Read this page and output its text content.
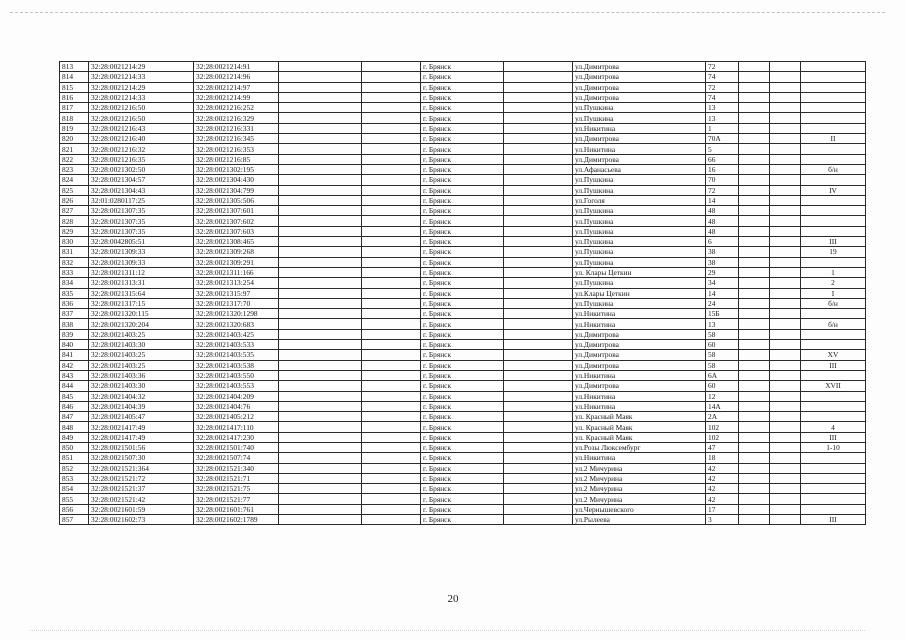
813	32:28:0021214:29	32:28:0021214:91			г. Брянск		ул.Димитрова	72			
814	32:28:0021214:33	32:28:0021214:96			г. Брянск		ул.Димитрова	74			
815	32:28:0021214:29	32:28:0021214:97			г. Брянск		ул.Димитрова	72			
816	32:28:0021214:33	32:28:0021214:99			г. Брянск		ул.Димитрова	74			
817	32:28:0021216:50	32:28:0021216:252			г. Брянск		ул.Пушкина	13			
818	32:28:0021216:50	32:28:0021216:329			г. Брянск		ул.Пушкина	13			
819	32:28:0021216:43	32:28:0021216:331			г. Брянск		ул.Никитина	1			
820	32:28:0021216:40	32:28:0021216:345			г. Брянск		ул.Димитрова	70А			II
821	32:28:0021216:32	32:28:0021216:353			г. Брянск		ул.Никитина	5			
822	32:28:0021216:35	32:28:0021216:85			г. Брянск		ул.Димитрова	66			
823	32:28:0021302:50	32:28:0021302:195			г. Брянск		ул.Афанасьева	16			б/н
824	32:28:0021304:57	32:28:0021304:430			г. Брянск		ул.Пушкина	70			
825	32:28:0021304:43	32:28:0021304:799			г. Брянск		ул.Пушкина	72			IV
826	32:01:0280117:25	32:28:0021305:506			г. Брянск		ул.Гоголя	14			
827	32:28:0021307:35	32:28:0021307:601			г. Брянск		ул.Пушкина	48			
828	32:28:0021307:35	32:28:0021307:602			г. Брянск		ул.Пушкина	48			
829	32:28:0021307:35	32:28:0021307:603			г. Брянск		ул.Пушкина	48			
830	32:28:0042805:51	32:28:0021308:465			г. Брянск		ул.Пушкина	6			III
831	32:28:0021309:33	32:28:0021309:268			г. Брянск		ул.Пушкина	38			19
832	32:28:0021309:33	32:28:0021309:291			г. Брянск		ул.Пушкина	38			
833	32:28:0021311:12	32:28:0021311:166			г. Брянск		ул. Клары Цеткин	29			1
834	32:28:0021313:31	32:28:0021313:254			г. Брянск		ул.Пушкина	34			2
835	32:28:0021315:64	32:28:0021315:97			г. Брянск		ул.Клары Цеткин	14			I
836	32:28:0021317:15	32:28:0021317:70			г. Брянск		ул.Пушкина	24			б/н
837	32:28:0021320:115	32:28:0021320:1298			г. Брянск		ул.Никитина	15Б			
838	32:28:0021320:204	32:28:0021320:683			г. Брянск		ул.Никитина	13			б/н
839	32:28:0021403:25	32:28:0021403:425			г. Брянск		ул.Димитрова	58			
840	32:28:0021403:30	32:28:0021403:533			г. Брянск		ул.Димитрова	60			
841	32:28:0021403:25	32:28:0021403:535			г. Брянск		ул.Димитрова	58			XV
842	32:28:0021403:25	32:28:0021403:538			г. Брянск		ул.Димитрова	58			III
843	32:28:0021403:36	32:28:0021403:550			г. Брянск		ул.Никитина	6А			
844	32:28:0021403:30	32:28:0021403:553			г. Брянск		ул.Димитрова	60			XVII
845	32:28:0021404:32	32:28:0021404:209			г. Брянск		ул.Никитина	12			
846	32:28:0021404:39	32:28:0021404:76			г. Брянск		ул.Никитина	14А			
847	32:28:0021405:47	32:28:0021405:212			г. Брянск		ул. Красный Маяк	2А			
848	32:28:0021417:49	32:28:0021417:110			г. Брянск		ул. Красный Маяк	102			4
849	32:28:0021417:49	32:28:0021417:230			г. Брянск		ул. Красный Маяк	102			III
850	32:28:0021501:56	32:28:0021501:740			г. Брянск		ул.Розы Люксембург	47			1-10
851	32:28:0021507:30	32:28:0021507:74			г. Брянск		ул.Никитина	18			
852	32:28:0021521:364	32:28:0021521:340			г. Брянск		ул.2 Мичурина	42			
853	32:28:0021521:72	32:28:0021521:71			г. Брянск		ул.2 Мичурина	42			
854	32:28:0021521:37	32:28:0021521:75			г. Брянск		ул.2 Мичурина	42			
855	32:28:0021521:42	32:28:0021521:77			г. Брянск		ул.2 Мичурина	42			
856	32:28:0021601:59	32:28:0021601:761			г. Брянск		ул.Чернышевского	17			
857	32:28:0021602:73	32:28:0021602:1789			г. Брянск		ул.Рылеева	3			III
20
